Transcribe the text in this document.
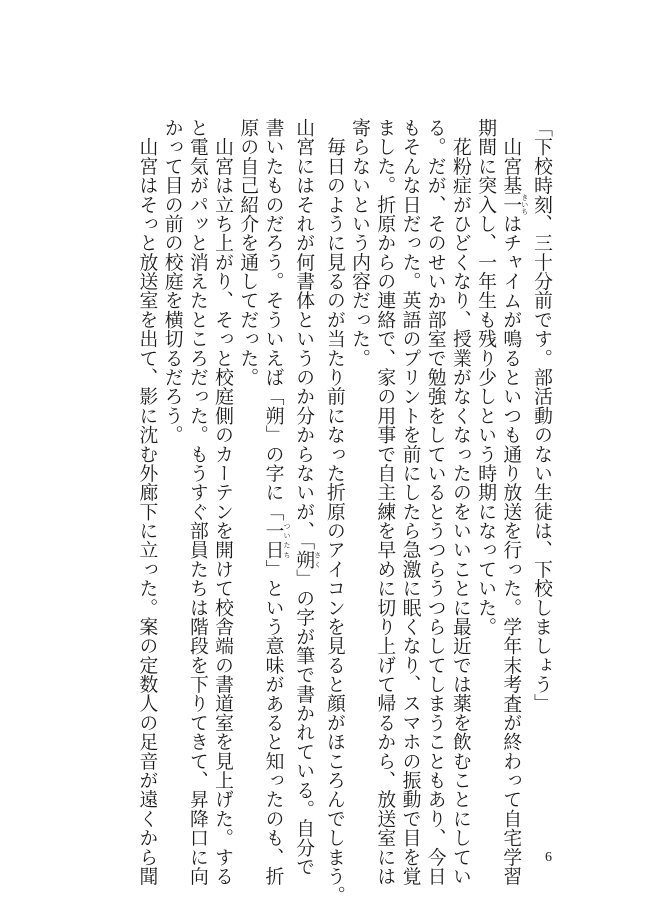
「下校時刻、三十分前です。部活動のない生徒は、下校しましょう」
　山宮基一 きいちはチャイムが鳴るといつも通り放送を行った。学年末考査が終わって自宅学習
期間に突入し、一年生も残り少しという時期になっていた。
　花粉症がひどくなり、授業がなくなったのをいいことに最近では薬を飲むことにしてい
る。だが、そのせいか部室で勉強をしているとうつらうつらしてしまうこともあり、今日
もそんな日だった。英語のプリントを前にしたら急激に眠くなり、スマホの振動で目を覚
ました。折原からの連絡で、家の用事で自主練を早めに切り上げて帰るから、放送室には
寄らないという内容だった。
　毎日のように見るのが当たり前になった折原のアイコンを見ると顔がほころんでしまう。
山宮にはそれが何書体というのか分からないが、「朔 さく」の字が筆で書かれている。自分で
書いたものだろう。そういえば「朔」の字に「一日 ついたち」という意味があると知ったのも、折
原の自己紹介を通してだった。
　山宮は立ち上がり、そっと校庭側のカーテンを開けて校舎端の書道室を見上げた。する
と電気がパッと消えたところだった。もうすぐ部員たちは階段を下りてきて、昇降口に向
かって目の前の校庭を横切るだろう。
　山宮はそっと放送室を出て、影に沈む外廊下に立った。案の定数人の足音が遠くから聞	6
